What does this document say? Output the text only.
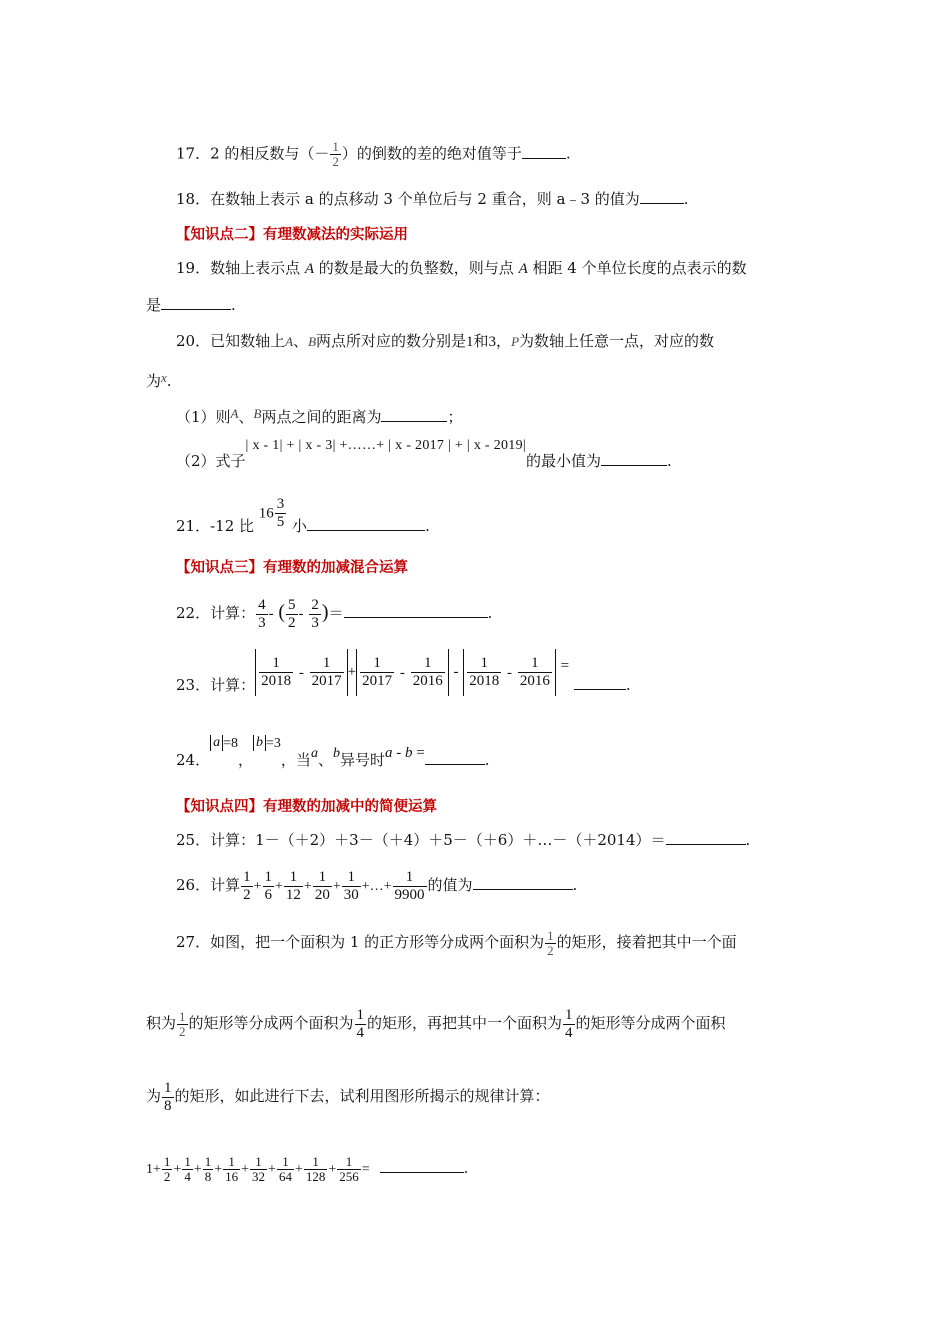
17．2 的相反数与（－ $\frac{1}{2}$ ）的倒数的差的绝对值等于	.
18．在数轴上表示 a 的点移动 3 个单位后与 2 重合，则 a﹣3 的值为	.
【知识点二】有理数减法的实际运用
19．数轴上表示点 A 的数是最大的负整数，则与点 A 相距 4 个单位长度的点表示的数
是	.
20．已知数轴上A、B两点所对应的数分别是1和3，P为数轴上任意一点，对应的数
为x.
（1）则A、B两点之间的距离为	；
（2）式子| x - 1| + | x - 3| +……+ | x - 2017 | + | x - 2019|的最小值为	.
21．-12 比 $16 \frac{3}{5}$ 小	.
【知识点三】有理数的加减混合运算
22．计算： $\frac{4}{3}$ - ( $\frac{5}{2} - \frac{2}{3}$ )＝	.
23．计算： $\frac{1}{2018} - \frac{1}{2017} + \frac{1}{2017} - \frac{1}{2016} - \frac{1}{2018} - \frac{1}{2016}$ = .
24．a =8，b =3，当a、b异号时a - b =	.
【知识点四】有理数的加减中的简便运算
25．计算：1－（＋2）＋3－（＋4）＋5－（＋6）＋…－（＋2014）＝	.
26．计算 $\frac{1}{2} + \frac{1}{6} + \frac{1}{12} + \frac{1}{20} + \frac{1}{30}$ +…+ $\frac{1}{9900}$ 的值为	.
27．如图，把一个面积为 1 的正方形等分成两个面积为 $\frac{1}{2}$ 的矩形，接着把其中一个面
积为 $\frac{1}{2}$ 的矩形等分成两个面积为 $\frac{1}{4}$ 的矩形，再把其中一个面积为 $\frac{1}{4}$ 的矩形等分成两个面积
为 $\frac{1}{8}$ 的矩形，如此进行下去，试利用图形所揭示的规律计算：
$1+ \frac{1}{2} + \frac{1}{4} + \frac{1}{8} + \frac{1}{16} + \frac{1}{32} + \frac{1}{64} + \frac{1}{128} + \frac{1}{256}$ =	.
